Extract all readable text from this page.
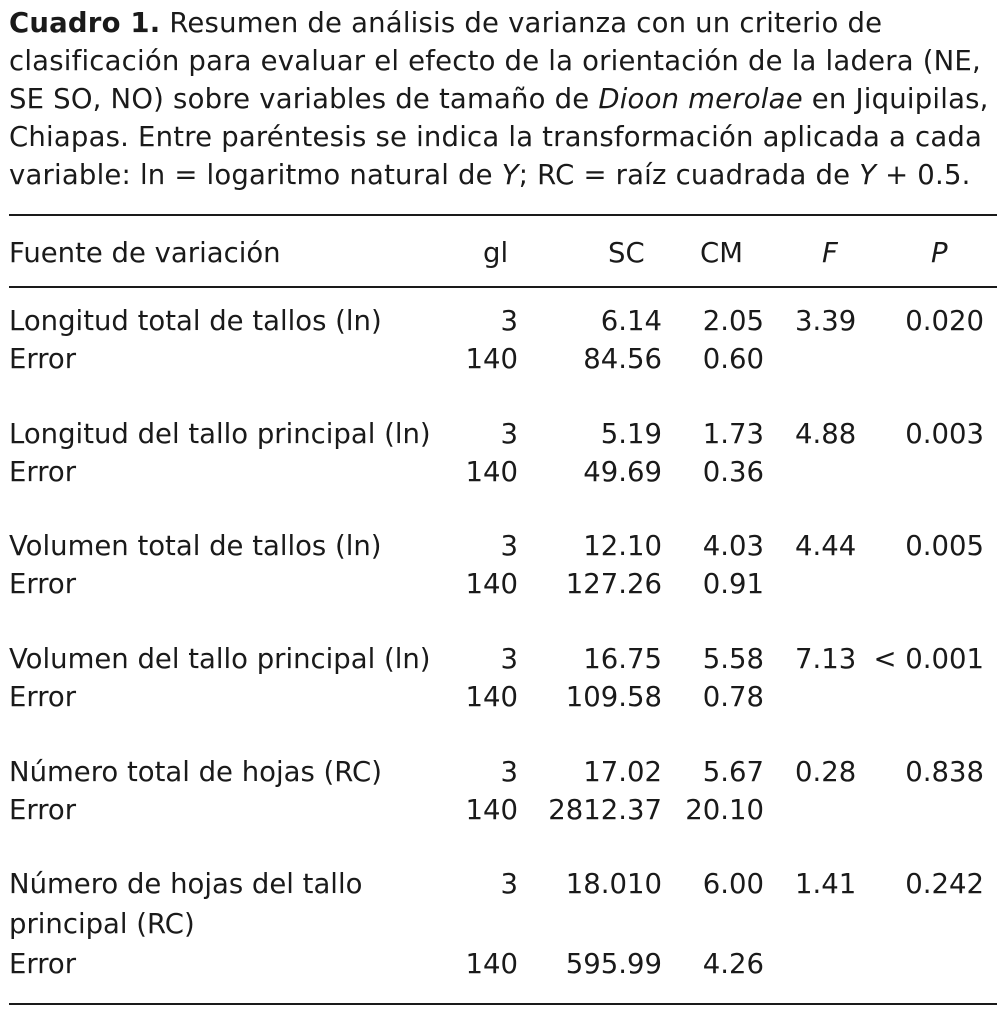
Cuadro 1. Resumen de análisis de varianza con un criterio de clasificación para evaluar el efecto de la orientación de la ladera (NE, SE SO, NO) sobre variables de tamaño de Dioon merolae en Jiquipilas, Chiapas. Entre paréntesis se indica la transformación aplicada a cada variable: ln = logaritmo natural de Y; RC = raíz cuadrada de Y + 0.5.
Fuente de variación	gl	SC CM	F	P
Longitud total de tallos (ln)	3	6.14 2.05 3.39 0.020
Error	140 84.56 0.60
Longitud del tallo principal (ln)	3	5.19 1.73 4.88 0.003
Error	140 49.69 0.36
Volumen total de tallos (ln)	3 12.10 4.03 4.44 0.005
Error	140 127.26 0.91
Volumen del tallo principal (ln)	3 16.75 5.58 7.13 < 0.001
Error	140 109.58 0.78
Número total de hojas (RC)	3 17.02 5.67 0.28 0.838
Error	140 2812.37 20.10
Número de hojas del tallo
principal (RC)
3 18.010 6.00 1.41 0.242
Error	140 595.99 4.26
